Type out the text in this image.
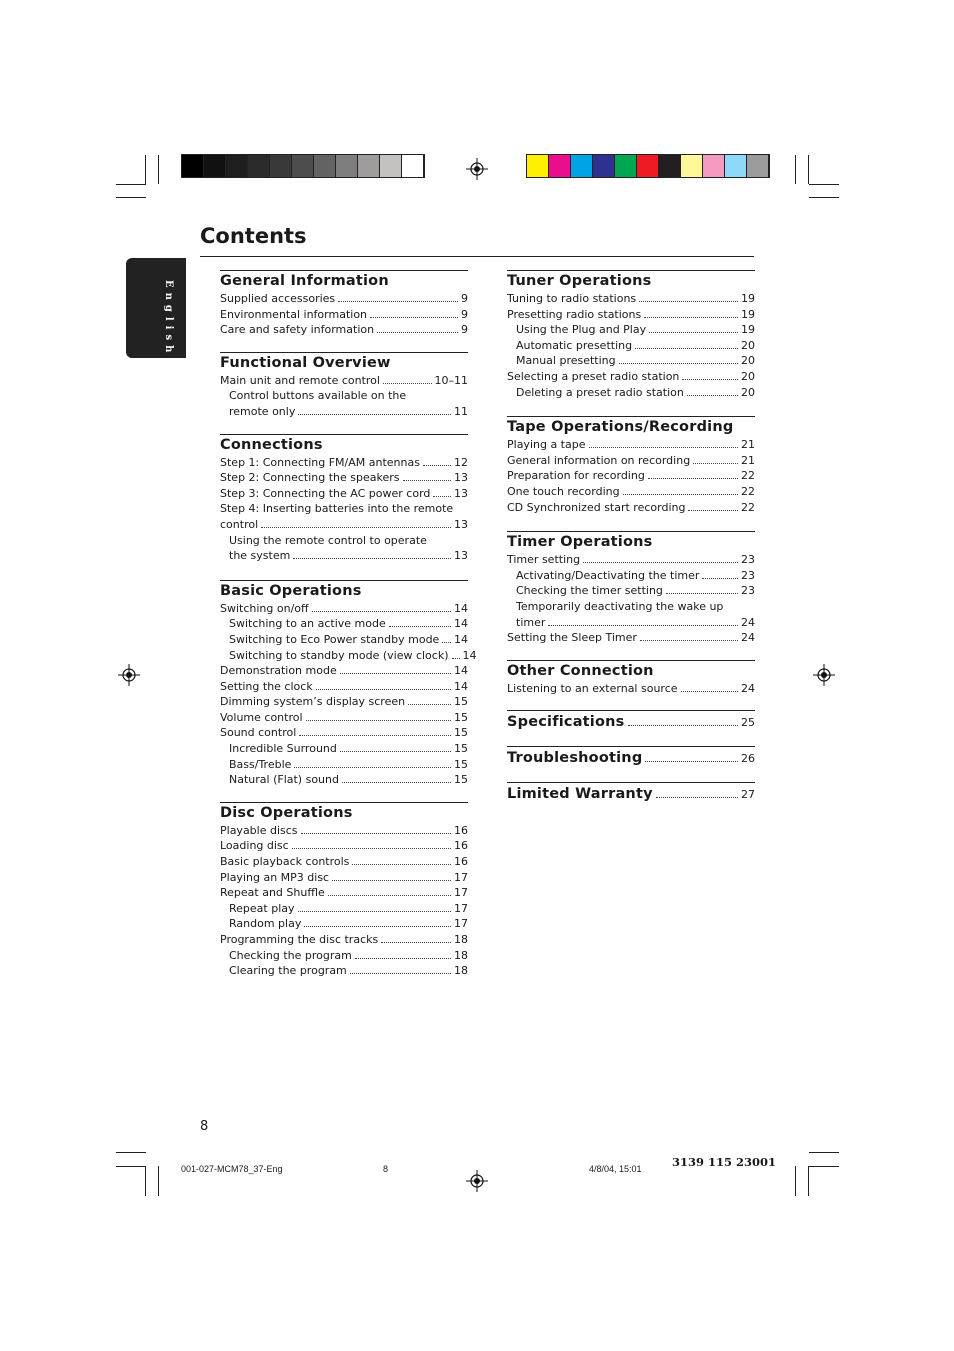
English
Contents
General Information
Supplied accessories	9
Environmental information	9
Care and safety information	9
Functional Overview
Main unit and remote control	10–11
Control buttons available on the
remote only	11
Connections
Step 1: Connecting FM/AM antennas	12
Step 2: Connecting the speakers	13
Step 3: Connecting the AC power cord 13
Step 4: Inserting batteries into the remote
control	13
Using the remote control to operate
the system	13
Basic Operations
Switching on/off	14
Switching to an active mode	14
Switching to Eco Power standby mode 14
Switching to standby mode (view clock) 14
Demonstration mode	14
Setting the clock	14
Dimming system’s display screen	15
Volume control	15
Sound control	15
Incredible Surround	15
Bass/Treble	15
Natural (Flat) sound	15
Disc Operations
Playable discs	16
Loading disc	16
Basic playback controls	16
Playing an MP3 disc	17
Repeat and Shuffle	17
Repeat play	17
Random play	17
Programming the disc tracks	18
Checking the program	18
Clearing the program	18
Tuner Operations
Tuning to radio stations	19
Presetting radio stations	19
Using the Plug and Play	19
Automatic presetting	20
Manual presetting	20
Selecting a preset radio station	20
Deleting a preset radio station	20
Tape Operations/Recording
Playing a tape	21
General information on recording	21
Preparation for recording	22
One touch recording	22
CD Synchronized start recording	22
Timer Operations
Timer setting	23
Activating/Deactivating the timer	23
Checking the timer setting	23
Temporarily deactivating the wake up
timer	24
Setting the Sleep Timer	24
Other Connection
Listening to an external source	24
Specifications	25
Troubleshooting	26
Limited Warranty	27
8
001-027-MCM78_37-Eng	8	4/8/04, 15:01	3139 115 23001
